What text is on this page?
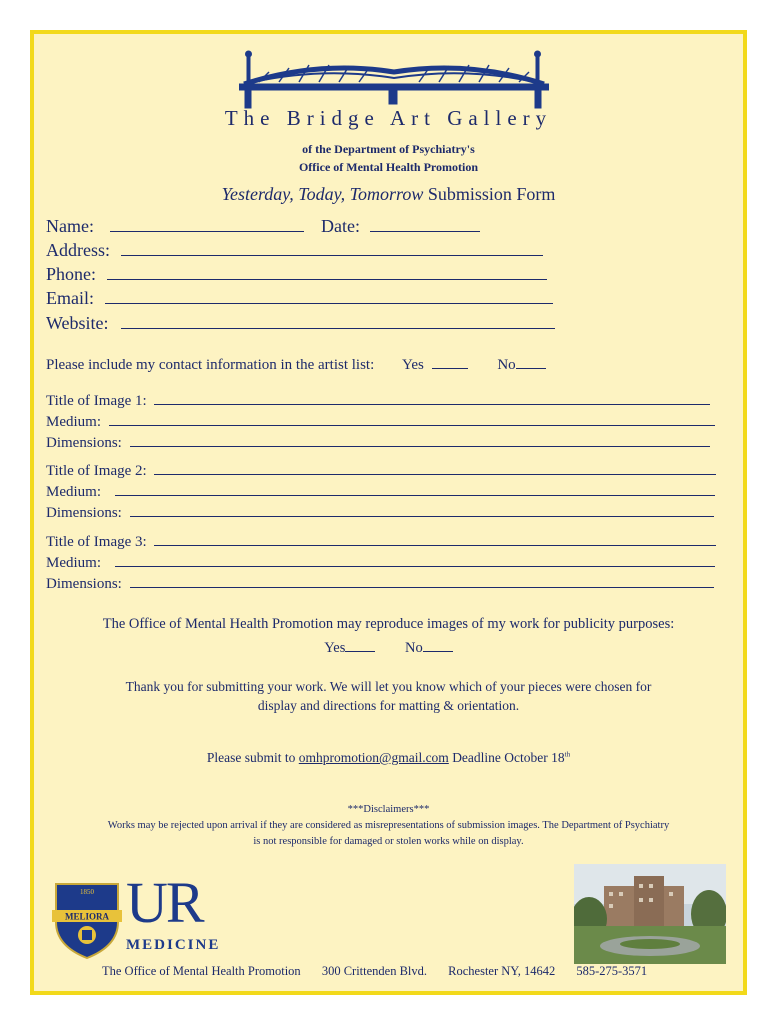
The Bridge Art Gallery
of the Department of Psychiatry's
Office of Mental Health Promotion
Yesterday, Today, Tomorrow Submission Form
Name:	Date:
Address:
Phone:
Email:
Website:
Please include my contact information in the artist list: Yes	No
Title of Image 1:
Medium:
Dimensions:
Title of Image 2:
Medium:
Dimensions:
Title of Image 3:
Medium:
Dimensions:
The Office of Mental Health Promotion may reproduce images of my work for publicity purposes:
Yes	No
Thank you for submitting your work. We will let you know which of your pieces were chosen for
display and directions for matting & orientation.
Please submit to omhpromotion@gmail.com Deadline October 18th
***Disclaimers***
Works may be rejected upon arrival if they are considered as misrepresentations of submission images. The Department of Psychiatry
is not responsible for damaged or stolen works while on display.
MELIORA
1850 UR
MEDICINE
The Office of Mental Health Promotion 300 Crittenden Blvd. Rochester NY, 14642 585-275-3571
